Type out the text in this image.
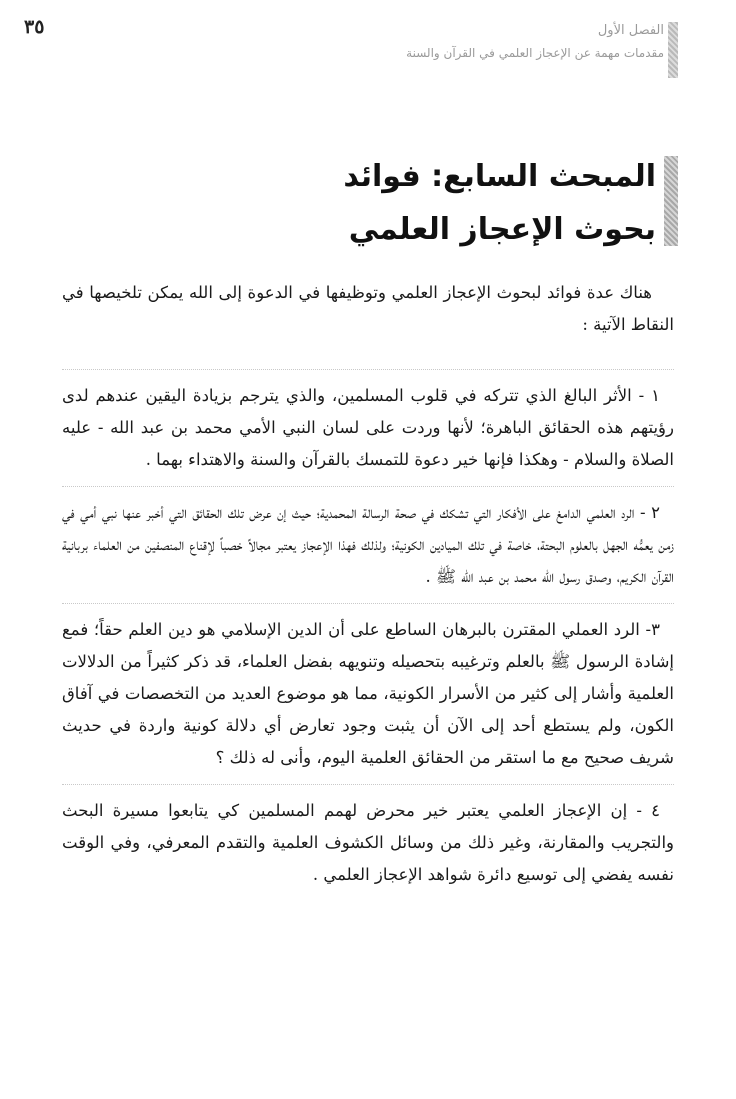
٣٥	الفصل الأول
مقدمات مهمة عن الإعجاز العلمي في القرآن والسنة
المبحث السابع: فوائد
بحوث الإعجاز العلمي

هناك عدة فوائد لبحوث الإعجاز العلمي وتوظيفها في الدعوة إلى الله يمكن تلخيصها في النقاط الآتية :

١ - الأثر البالغ الذي تتركه في قلوب المسلمين، والذي يترجم بزيادة اليقين عندهم لدى رؤيتهم هذه الحقائق الباهرة؛ لأنها وردت على لسان النبي الأمي محمد بن عبد الله - عليه الصلاة والسلام - وهكذا فإنها خير دعوة للتمسك بالقرآن والسنة والاهتداء بهما .

٢ - الرد العلمي الدامغ على الأفكار التي تشكك في صحة الرسالة المحمدية؛ حيث إن عرض تلك الحقائق التي أخبر عنها نبي أمي في زمن يعمُّه الجهل بالعلوم البحتة، خاصة في تلك الميادين الكونية؛ ولذلك فهذا الإعجاز يعتبر مجالاً خصباً لإقناع المنصفين من العلماء بربانية القرآن الكريم، وصدق رسول الله محمد بن عبد الله ﷺ .

٣- الرد العملي المقترن بالبرهان الساطع على أن الدين الإسلامي هو دين العلم حقاً؛ فمع إشادة الرسول ﷺ بالعلم وترغيبه بتحصيله وتنويهه بفضل العلماء، قد ذكر كثيراً من الدلالات العلمية وأشار إلى كثير من الأسرار الكونية، مما هو موضوع العديد من التخصصات في آفاق الكون، ولم يستطع أحد إلى الآن أن يثبت وجود تعارض أي دلالة كونية واردة في حديث شريف صحيح مع ما استقر من الحقائق العلمية اليوم، وأنى له ذلك ؟

٤ - إن الإعجاز العلمي يعتبر خير محرض لهمم المسلمين كي يتابعوا مسيرة البحث والتجريب والمقارنة، وغير ذلك من وسائل الكشوف العلمية والتقدم المعرفي، وفي الوقت نفسه يفضي إلى توسيع دائرة شواهد الإعجاز العلمي .
